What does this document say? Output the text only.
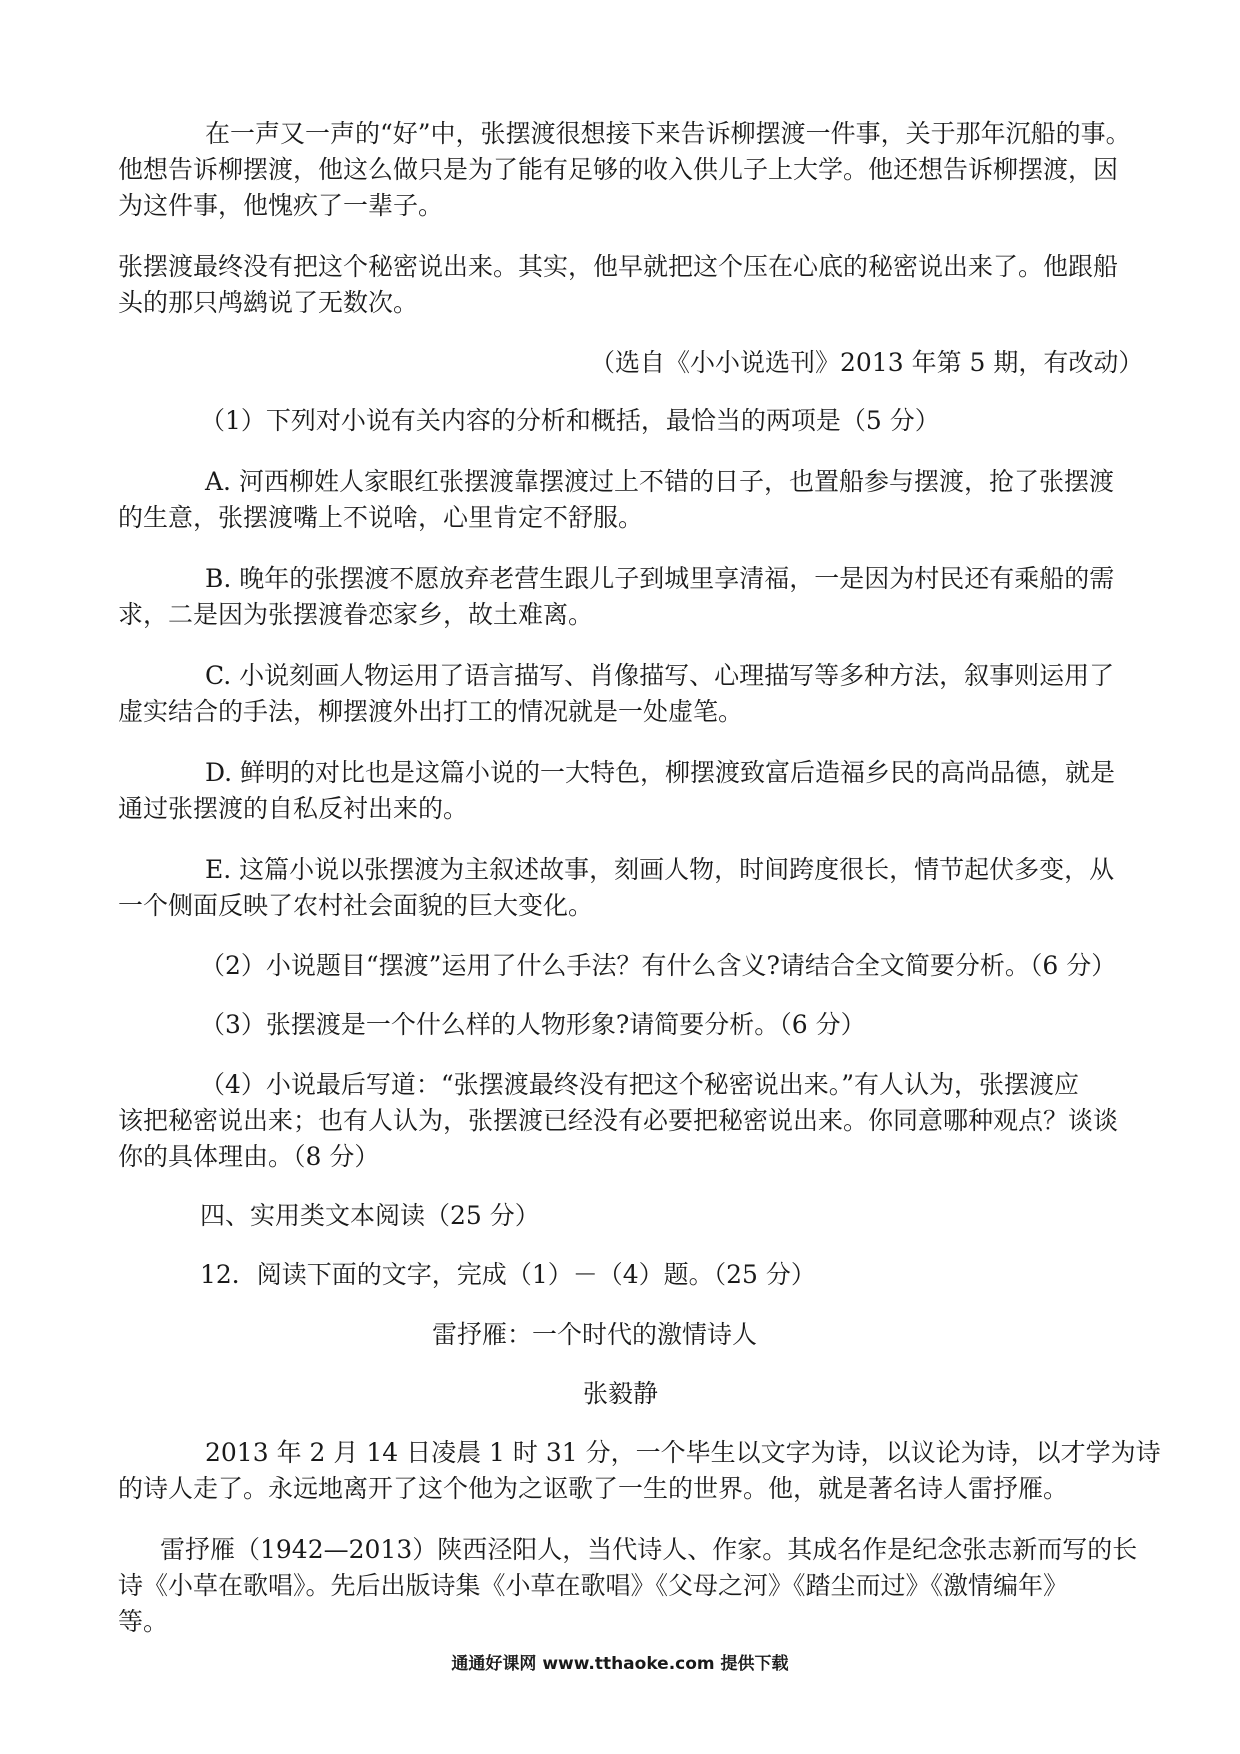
在一声又一声的“好”中，张摆渡很想接下来告诉柳摆渡一件事，关于那年沉船的事。
他想告诉柳摆渡，他这么做只是为了能有足够的收入供儿子上大学。他还想告诉柳摆渡，因
为这件事，他愧疚了一辈子。
张摆渡最终没有把这个秘密说出来。其实，他早就把这个压在心底的秘密说出来了。他跟船
头的那只鸬鹚说了无数次。
（选自《小小说选刊》2013 年第 5 期，有改动）
（1）下列对小说有关内容的分析和概括，最恰当的两项是（5 分）
A. 河西柳姓人家眼红张摆渡靠摆渡过上不错的日子，也置船参与摆渡，抢了张摆渡
的生意，张摆渡嘴上不说啥，心里肯定不舒服。
B. 晚年的张摆渡不愿放弃老营生跟儿子到城里享清福，一是因为村民还有乘船的需
求，二是因为张摆渡眷恋家乡，故土难离。
C. 小说刻画人物运用了语言描写、肖像描写、心理描写等多种方法，叙事则运用了
虚实结合的手法，柳摆渡外出打工的情况就是一处虚笔。
D. 鲜明的对比也是这篇小说的一大特色，柳摆渡致富后造福乡民的高尚品德，就是
通过张摆渡的自私反衬出来的。
E. 这篇小说以张摆渡为主叙述故事，刻画人物，时间跨度很长，情节起伏多变，从
一个侧面反映了农村社会面貌的巨大变化。
（2）小说题目“摆渡”运用了什么手法？有什么含义?请结合全文简要分析。（6 分）
（3）张摆渡是一个什么样的人物形象?请简要分析。（6 分）
（4）小说最后写道：“张摆渡最终没有把这个秘密说出来。”有人认为，张摆渡应
该把秘密说出来；也有人认为，张摆渡已经没有必要把秘密说出来。你同意哪种观点？谈谈
你的具体理由。（8 分）
四、实用类文本阅读（25 分）
12．阅读下面的文字，完成（1）－（4）题。（25 分）
雷抒雁：一个时代的激情诗人
张毅静
2013 年 2 月 14 日凌晨 1 时 31 分，一个毕生以文字为诗，以议论为诗，以才学为诗
的诗人走了。永远地离开了这个他为之讴歌了一生的世界。他，就是著名诗人雷抒雁。
雷抒雁（1942—2013）陕西泾阳人，当代诗人、作家。其成名作是纪念张志新而写的长
诗《小草在歌唱》。先后出版诗集《小草在歌唱》《父母之河》《踏尘而过》《激情编年》
等。
通通好课网 www.tthaoke.com 提供下载
